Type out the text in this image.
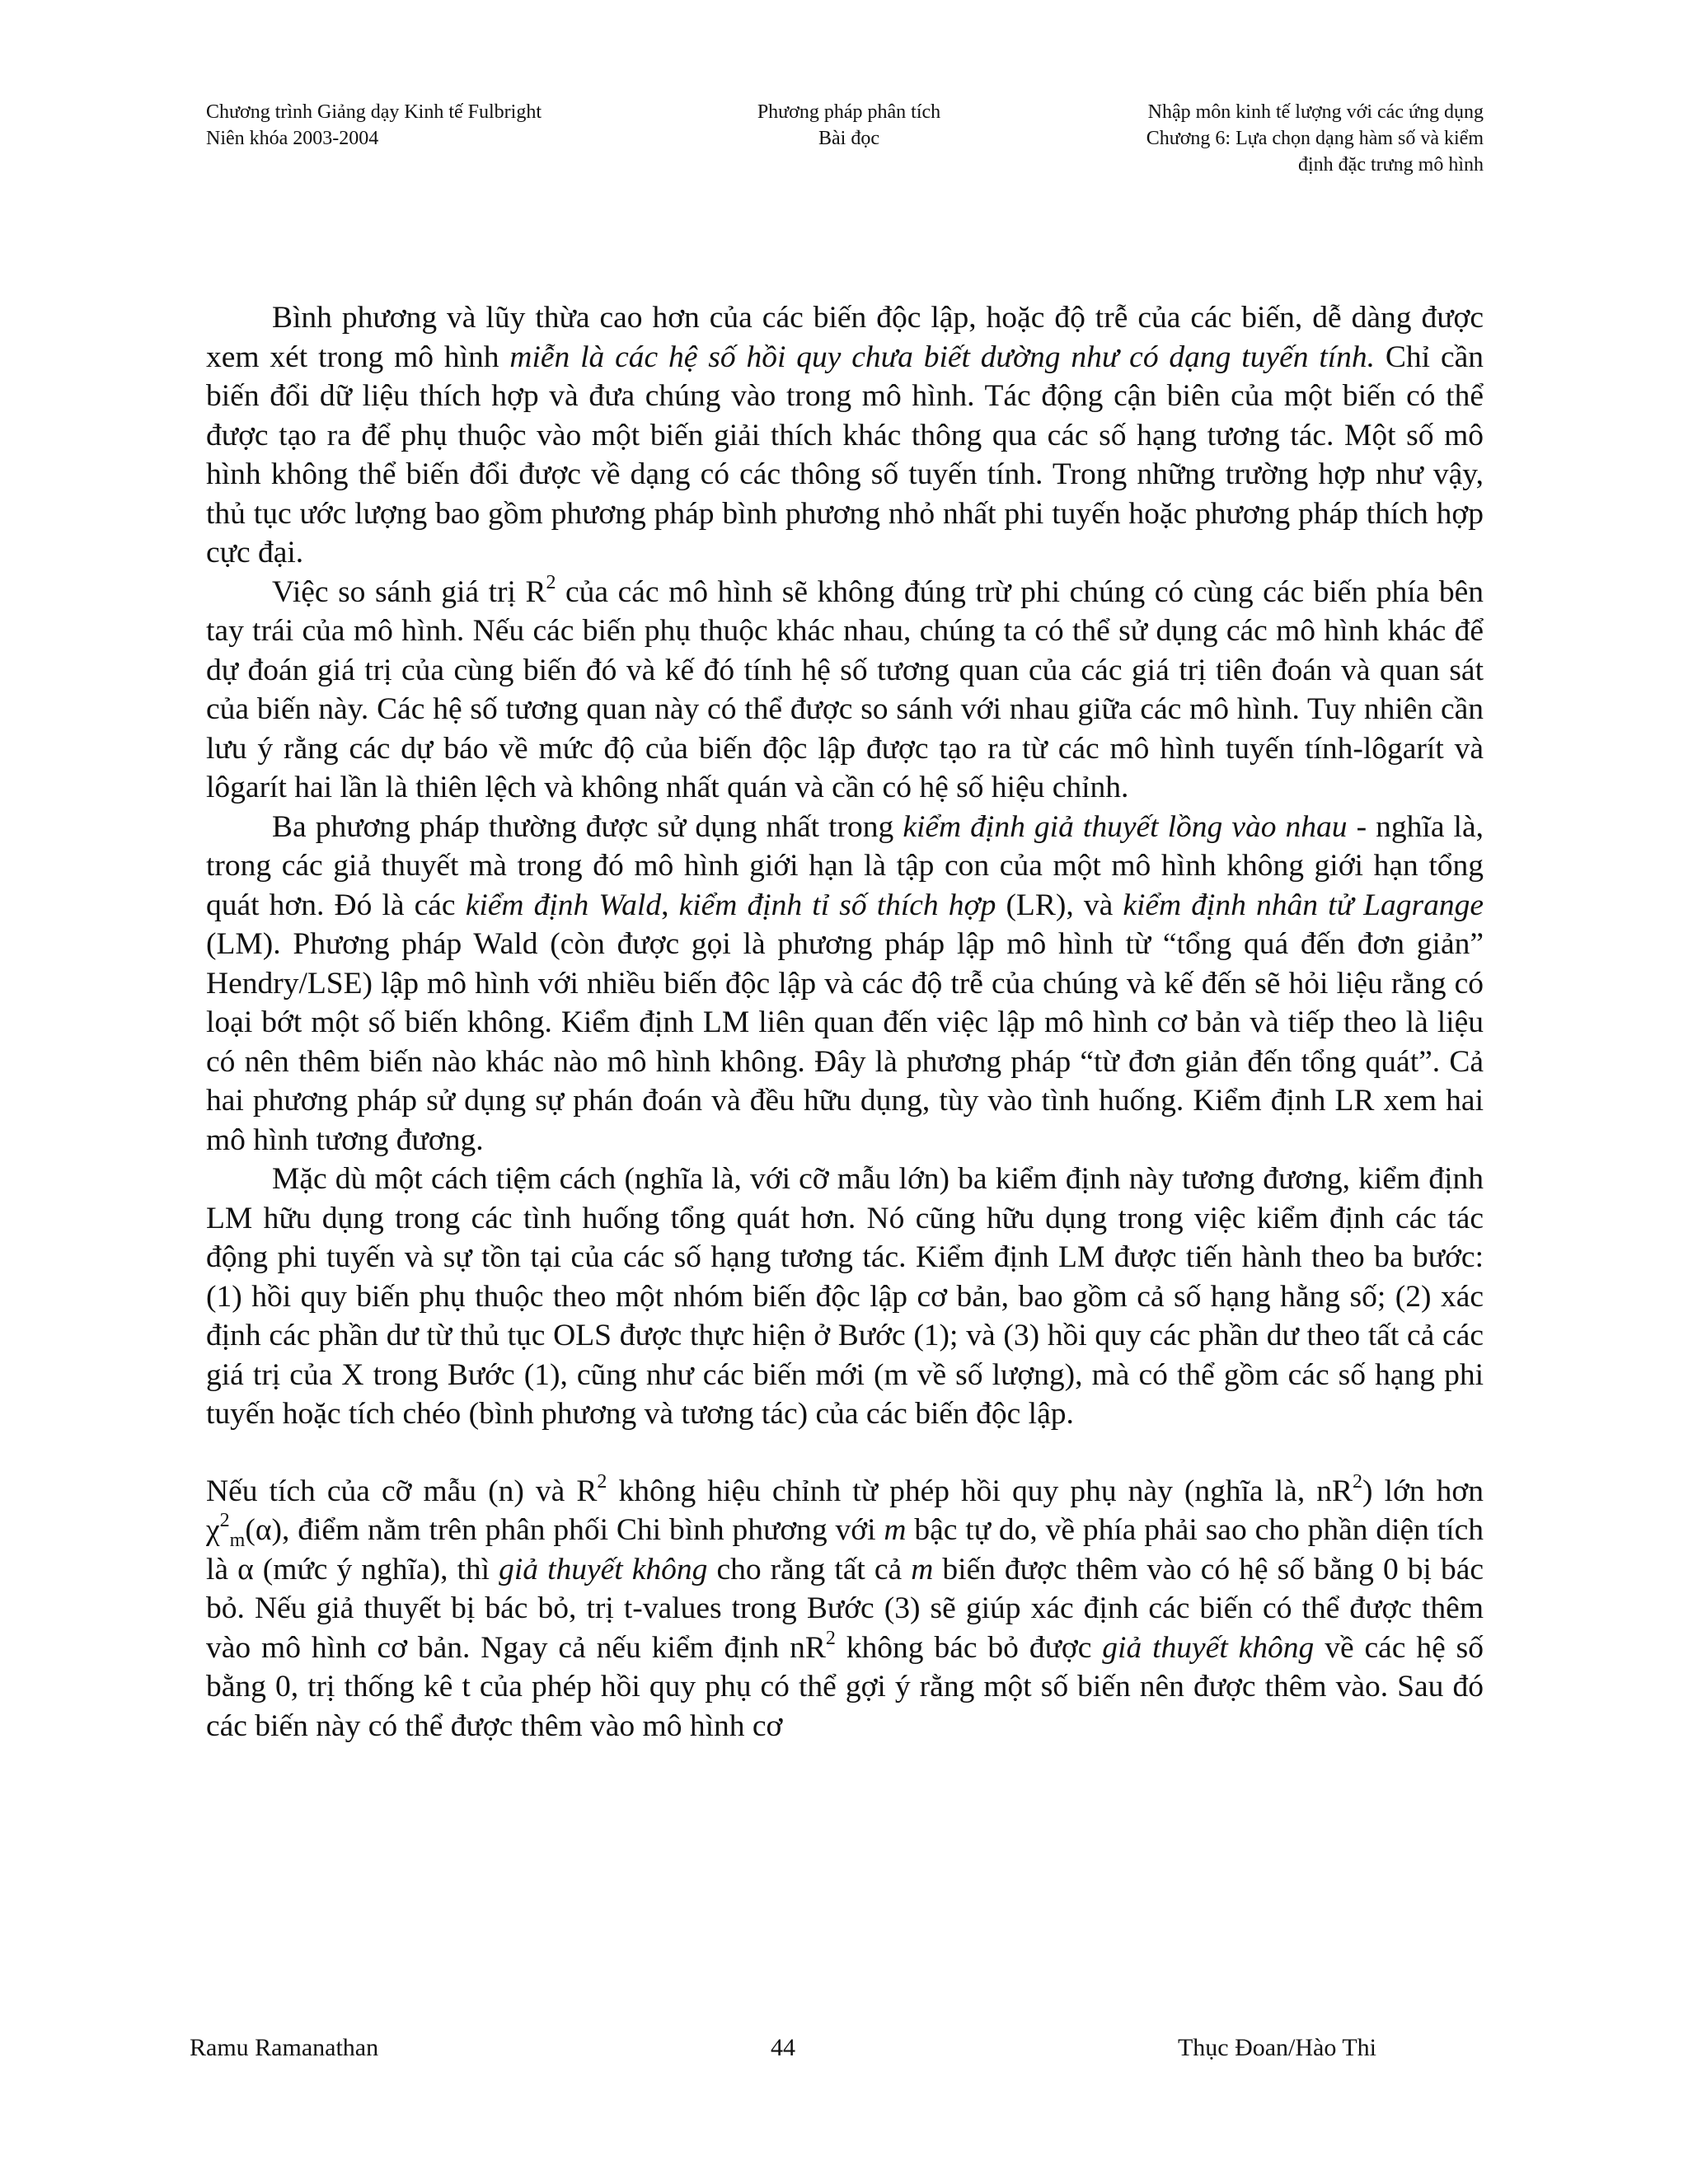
Chương trình Giảng dạy Kinh tế Fulbright
Niên khóa 2003-2004
Phương pháp phân tích
Bài đọc
Nhập môn kinh tế lượng với các ứng dụng
Chương 6: Lựa chọn dạng hàm số và kiểm
định đặc trưng mô hình

Bình phương và lũy thừa cao hơn của các biến độc lập, hoặc độ trễ của các biến, dễ dàng được xem xét trong mô hình miễn là các hệ số hồi quy chưa biết dường như có dạng tuyến tính. Chỉ cần biến đổi dữ liệu thích hợp và đưa chúng vào trong mô hình. Tác động cận biên của một biến có thể được tạo ra để phụ thuộc vào một biến giải thích khác thông qua các số hạng tương tác. Một số mô hình không thể biến đổi được về dạng có các thông số tuyến tính. Trong những trường hợp như vậy, thủ tục ước lượng bao gồm phương pháp bình phương nhỏ nhất phi tuyến hoặc phương pháp thích hợp cực đại.

Việc so sánh giá trị $R^2$ của các mô hình sẽ không đúng trừ phi chúng có cùng các biến phía bên tay trái của mô hình. Nếu các biến phụ thuộc khác nhau, chúng ta có thể sử dụng các mô hình khác để dự đoán giá trị của cùng biến đó và kế đó tính hệ số tương quan của các giá trị tiên đoán và quan sát của biến này. Các hệ số tương quan này có thể được so sánh với nhau giữa các mô hình. Tuy nhiên cần lưu ý rằng các dự báo về mức độ của biến độc lập được tạo ra từ các mô hình tuyến tính-lôgarít và lôgarít hai lần là thiên lệch và không nhất quán và cần có hệ số hiệu chỉnh.

Ba phương pháp thường được sử dụng nhất trong kiểm định giả thuyết lồng vào nhau - nghĩa là, trong các giả thuyết mà trong đó mô hình giới hạn là tập con của một mô hình không giới hạn tổng quát hơn. Đó là các kiểm định Wald, kiểm định tỉ số thích hợp (LR), và kiểm định nhân tử Lagrange (LM). Phương pháp Wald (còn được gọi là phương pháp lập mô hình từ “tổng quá đến đơn giản” Hendry/LSE) lập mô hình với nhiều biến độc lập và các độ trễ của chúng và kế đến sẽ hỏi liệu rằng có loại bớt một số biến không. Kiểm định LM liên quan đến việc lập mô hình cơ bản và tiếp theo là liệu có nên thêm biến nào khác nào mô hình không. Đây là phương pháp “từ đơn giản đến tổng quát”. Cả hai phương pháp sử dụng sự phán đoán và đều hữu dụng, tùy vào tình huống. Kiểm định LR xem hai mô hình tương đương.

Mặc dù một cách tiệm cách (nghĩa là, với cỡ mẫu lớn) ba kiểm định này tương đương, kiểm định LM hữu dụng trong các tình huống tổng quát hơn. Nó cũng hữu dụng trong việc kiểm định các tác động phi tuyến và sự tồn tại của các số hạng tương tác. Kiểm định LM được tiến hành theo ba bước: (1) hồi quy biến phụ thuộc theo một nhóm biến độc lập cơ bản, bao gồm cả số hạng hằng số; (2) xác định các phần dư từ thủ tục OLS được thực hiện ở Bước (1); và (3) hồi quy các phần dư theo tất cả các giá trị của X trong Bước (1), cũng như các biến mới (m về số lượng), mà có thể gồm các số hạng phi tuyến hoặc tích chéo (bình phương và tương tác) của các biến độc lập.

Nếu tích của cỡ mẫu (n) và $R^2$ không hiệu chỉnh từ phép hồi quy phụ này (nghĩa là, $nR^2$) lớn hơn $\chi^2_m(\alpha)$, điểm nằm trên phân phối Chi bình phương với m bậc tự do, về phía phải sao cho phần diện tích là α (mức ý nghĩa), thì giả thuyết không cho rằng tất cả m biến được thêm vào có hệ số bằng 0 bị bác bỏ. Nếu giả thuyết bị bác bỏ, trị t-values trong Bước (3) sẽ giúp xác định các biến có thể được thêm vào mô hình cơ bản. Ngay cả nếu kiểm định $nR^2$ không bác bỏ được giả thuyết không về các hệ số bằng 0, trị thống kê t của phép hồi quy phụ có thể gợi ý rằng một số biến nên được thêm vào. Sau đó các biến này có thể được thêm vào mô hình cơ

Ramu Ramanathan	44	Thục Đoan/Hào Thi
